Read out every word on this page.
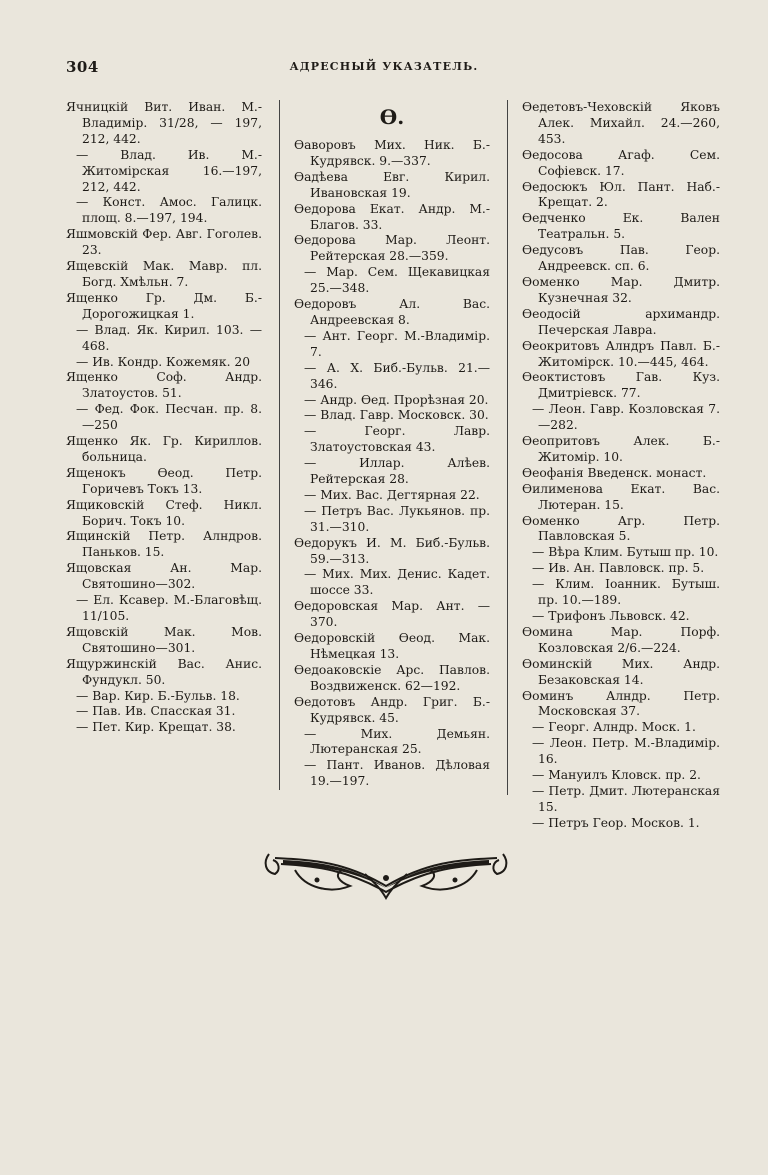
304	АДРЕСНЫЙ УКАЗАТЕЛЬ.
Ячницкій Вит. Иван. М.-Владимір. 31/28, — 197, 212, 442.
— Влад. Ив. М.-Житомірская 16.—197, 212, 442.
— Конст. Амос. Галицк. площ. 8.—197, 194.
Яшмовскій Фер. Авг. Гоголев. 23.
Ящевскій Мак. Мавр. пл. Богд. Хмѣльн. 7.
Ященко Гр. Дм. Б.-Дорогожицкая 1.
— Влад. Як. Кирил. 103. —468.
— Ив. Кондр. Кожемяк. 20
Ященко Соф. Андр. Златоустов. 51.
— Фед. Фок. Песчан. пр. 8.—250
Ященко Як. Гр. Кириллов. больница.
Ященокъ Ѳеод. Петр. Горичевъ Токъ 13.
Ящиковскій Стеф. Никл. Борич. Токъ 10.
Ящинскій Петр. Алндров. Паньков. 15.
Ящовская Ан. Мар. Святошино—302.
— Ел. Ксавер. М.-Благовѣщ. 11/105.
Ящовскій Мак. Мов. Святошино—301.
Ящуржинскій Вас. Анис. Фундукл. 50.
— Вар. Кир. Б.-Бульв. 18.
— Пав. Ив. Спасская 31.
— Пет. Кир. Крещат. 38.
Ѳ.
Ѳаворовъ Мих. Ник. Б.-Кудрявск. 9.—337.
Ѳадѣева Евг. Кирил. Ивановская 19.
Ѳедорова Екат. Андр. М.-Благов. 33.
Ѳедорова Мар. Леонт. Рейтерская 28.—359.
— Мар. Сем. Щекавицкая 25.—348.
Ѳедоровъ Ал. Вас. Андреевская 8.
— Ант. Георг. М.-Владимір. 7.
— А. Х. Биб.-Бульв. 21.—346.
— Андр. Ѳед. Прорѣзная 20.
— Влад. Гавр. Московск. 30.
— Георг. Лавр. Златоустовская 43.
— Иллар. Алѣев. Рейтерская 28.
— Мих. Вас. Дегтярная 22.
— Петръ Вас. Лукьянов. пр. 31.—310.
Ѳедорукъ И. М. Биб.-Бульв. 59.—313.
— Мих. Мих. Денис. Кадет. шоссе 33.
Ѳедоровская Мар. Ант. — 370.
Ѳедоровскій Ѳеод. Мак. Нѣмецкая 13.
Ѳедоаковскіе Арс. Павлов. Воздвиженск. 62—192.
Ѳедотовъ Андр. Григ. Б.-Кудрявск. 45.
— Мих. Демьян. Лютеранская 25.
— Пант. Иванов. Дѣловая 19.—197.
Ѳедетовъ-Чеховскій Яковъ Алек. Михайл. 24.—260, 453.
Ѳедосова Агаф. Сем. Софіевск. 17.
Ѳедосюкъ Юл. Пант. Наб.-Крещат. 2.
Ѳедченко Ек. Вален Театральн. 5.
Ѳедусовъ Пав. Геор. Андреевск. сп. 6.
Ѳоменко Мар. Дмитр. Кузнечная 32.
Ѳеодосій архимандр. Печерская Лавра.
Ѳеокритовъ Алндръ Павл. Б.-Житомірск. 10.—445, 464.
Ѳеоктистовъ Гав. Куз. Дмитріевск. 77.
— Леон. Гавр. Козловская 7.—282.
Ѳеопритовъ Алек. Б.-Житомір. 10.
Ѳеофанія Введенск. монаст.
Ѳилименова Екат. Вас. Лютеран. 15.
Ѳоменко Агр. Петр. Павловская 5.
— Вѣра Клим. Бутыш пр. 10.
— Ив. Ан. Павловск. пр. 5.
— Клим. Іоанник. Бутыш. пр. 10.—189.
— Трифонъ Львовск. 42.
Ѳомина Мар. Порф. Козловская 2/6.—224.
Ѳоминскій Мих. Андр. Безаковская 14.
Ѳоминъ Алндр. Петр. Московская 37.
— Георг. Алндр. Моск. 1.
— Леон. Петр. М.-Владимір. 16.
— Мануилъ Кловск. пр. 2.
— Петр. Дмит. Лютеранская 15.
— Петръ Геор. Москов. 1.
